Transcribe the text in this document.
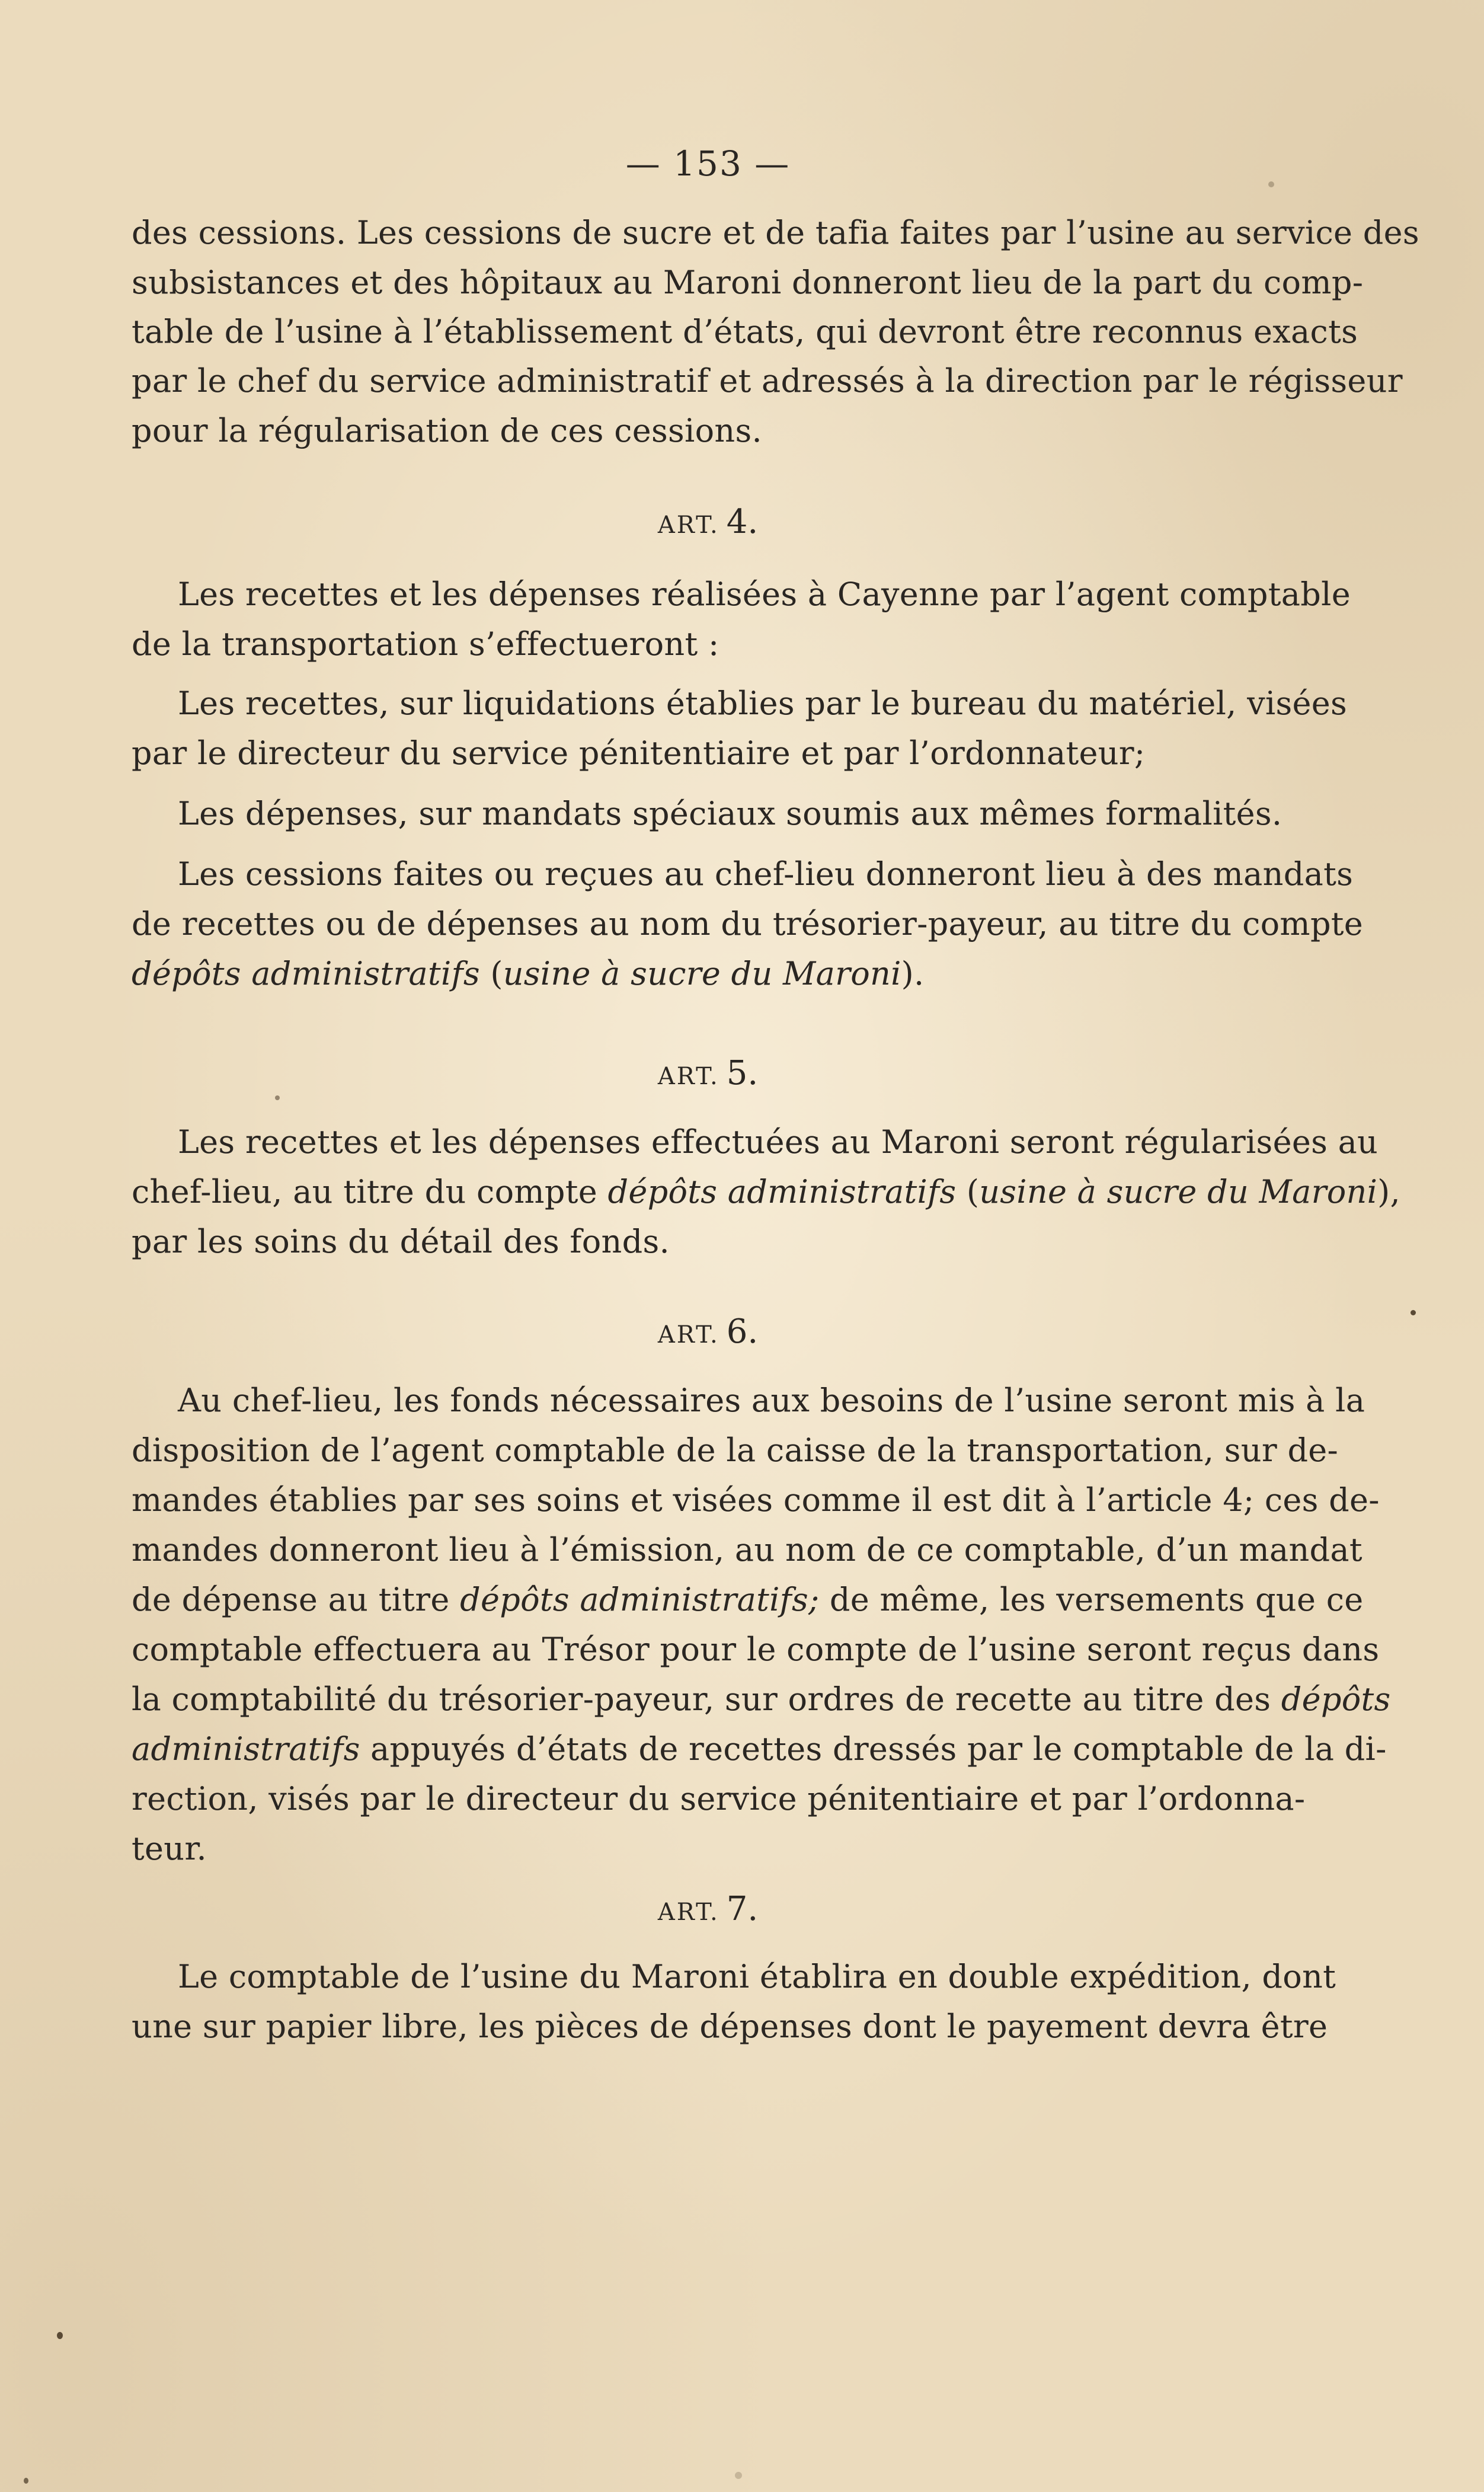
— 153 —
des cessions. Les cessions de sucre et de tafia faites par l’usine au service des
subsistances et des hôpitaux au Maroni donneront lieu de la part du comp-
table de l’usine à l’établissement d’états, qui devront être reconnus exacts
par le chef du service administratif et adressés à la direction par le régisseur
pour la régularisation de ces cessions.
ART. 4.
Les recettes et les dépenses réalisées à Cayenne par l’agent comptable
de la transportation s’effectueront :
Les recettes, sur liquidations établies par le bureau du matériel, visées
par le directeur du service pénitentiaire et par l’ordonnateur;
Les dépenses, sur mandats spéciaux soumis aux mêmes formalités.
Les cessions faites ou reçues au chef-lieu donneront lieu à des mandats
de recettes ou de dépenses au nom du trésorier-payeur, au titre du compte
dépôts administratifs (usine à sucre du Maroni).
ART. 5.
Les recettes et les dépenses effectuées au Maroni seront régularisées au
chef-lieu, au titre du compte dépôts administratifs (usine à sucre du Maroni),
par les soins du détail des fonds.
ART. 6.
Au chef-lieu, les fonds nécessaires aux besoins de l’usine seront mis à la
disposition de l’agent comptable de la caisse de la transportation, sur de-
mandes établies par ses soins et visées comme il est dit à l’article 4; ces de-
mandes donneront lieu à l’émission, au nom de ce comptable, d’un mandat
de dépense au titre dépôts administratifs; de même, les versements que ce
comptable effectuera au Trésor pour le compte de l’usine seront reçus dans
la comptabilité du trésorier-payeur, sur ordres de recette au titre des dépôts
administratifs appuyés d’états de recettes dressés par le comptable de la di-
rection, visés par le directeur du service pénitentiaire et par l’ordonna-
teur.
ART. 7.
Le comptable de l’usine du Maroni établira en double expédition, dont
une sur papier libre, les pièces de dépenses dont le payement devra être
